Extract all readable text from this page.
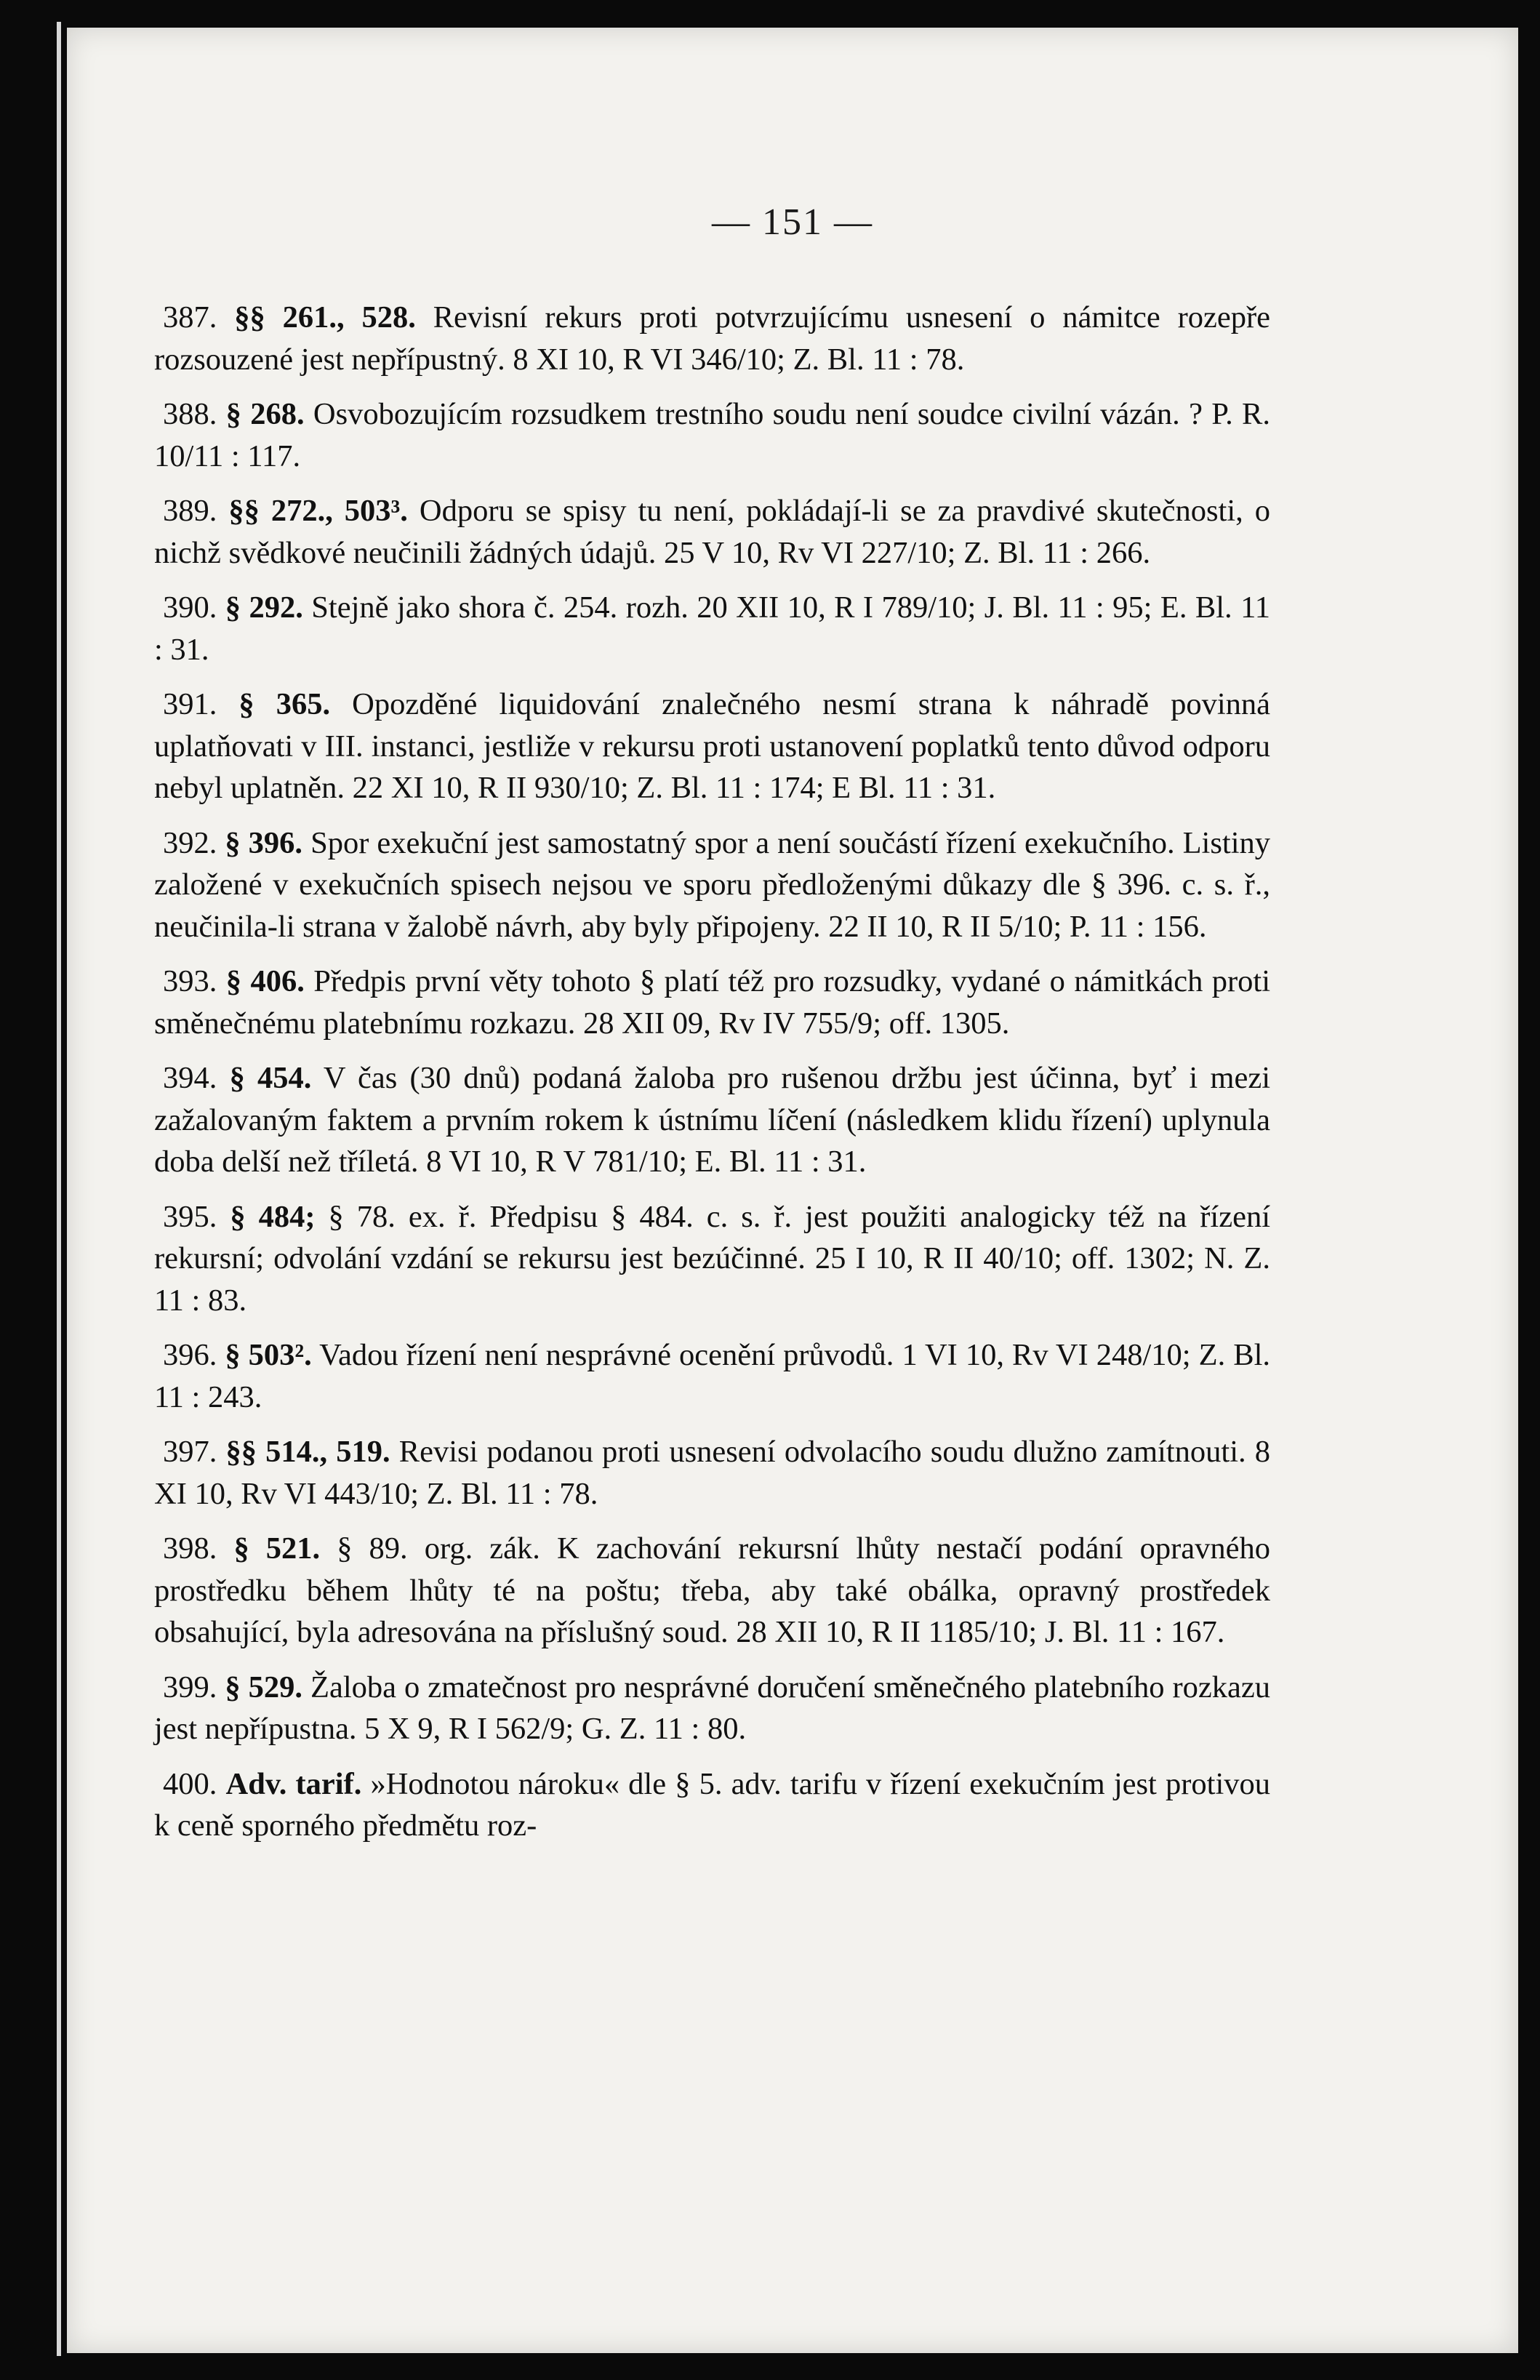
— 151 —

387. §§ 261., 528. Revisní rekurs proti potvrzujícímu usnesení o námitce rozepře rozsouzené jest nepřípustný. 8 XI 10, R VI 346/10; Z. Bl. 11 : 78.

388. § 268. Osvobozujícím rozsudkem trestního soudu není soudce civilní vázán. ? P. R. 10/11 : 117.

389. §§ 272., 503³. Odporu se spisy tu není, pokládají-li se za pravdivé skutečnosti, o nichž svědkové neučinili žádných údajů. 25 V 10, Rv VI 227/10; Z. Bl. 11 : 266.

390. § 292. Stejně jako shora č. 254. rozh. 20 XII 10, R I 789/10; J. Bl. 11 : 95; E. Bl. 11 : 31.

391. § 365. Opozděné liquidování znalečného nesmí strana k náhradě povinná uplatňovati v III. instanci, jestliže v rekursu proti ustanovení poplatků tento důvod odporu nebyl uplatněn. 22 XI 10, R II 930/10; Z. Bl. 11 : 174; E Bl. 11 : 31.

392. § 396. Spor exekuční jest samostatný spor a není součástí řízení exekučního. Listiny založené v exekučních spisech nejsou ve sporu předloženými důkazy dle § 396. c. s. ř., neučinila-li strana v žalobě návrh, aby byly připojeny. 22 II 10, R II 5/10; P. 11 : 156.

393. § 406. Předpis první věty tohoto § platí též pro rozsudky, vydané o námitkách proti směnečnému platebnímu rozkazu. 28 XII 09, Rv IV 755/9; off. 1305.

394. § 454. V čas (30 dnů) podaná žaloba pro rušenou držbu jest účinna, byť i mezi zažalovaným faktem a prvním rokem k ústnímu líčení (následkem klidu řízení) uplynula doba delší než tříletá. 8 VI 10, R V 781/10; E. Bl. 11 : 31.

395. § 484; § 78. ex. ř. Předpisu § 484. c. s. ř. jest použiti analogicky též na řízení rekursní; odvolání vzdání se rekursu jest bezúčinné. 25 I 10, R II 40/10; off. 1302; N. Z. 11 : 83.

396. § 503². Vadou řízení není nesprávné ocenění průvodů. 1 VI 10, Rv VI 248/10; Z. Bl. 11 : 243.

397. §§ 514., 519. Revisi podanou proti usnesení odvolacího soudu dlužno zamítnouti. 8 XI 10, Rv VI 443/10; Z. Bl. 11 : 78.

398. § 521. § 89. org. zák. K zachování rekursní lhůty nestačí podání opravného prostředku během lhůty té na poštu; třeba, aby také obálka, opravný prostředek obsahující, byla adresována na příslušný soud. 28 XII 10, R II 1185/10; J. Bl. 11 : 167.

399. § 529. Žaloba o zmatečnost pro nesprávné doručení směnečného platebního rozkazu jest nepřípustna. 5 X 9, R I 562/9; G. Z. 11 : 80.

400. Adv. tarif. »Hodnotou nároku« dle § 5. adv. tarifu v řízení exekučním jest protivou k ceně sporného předmětu roz-
